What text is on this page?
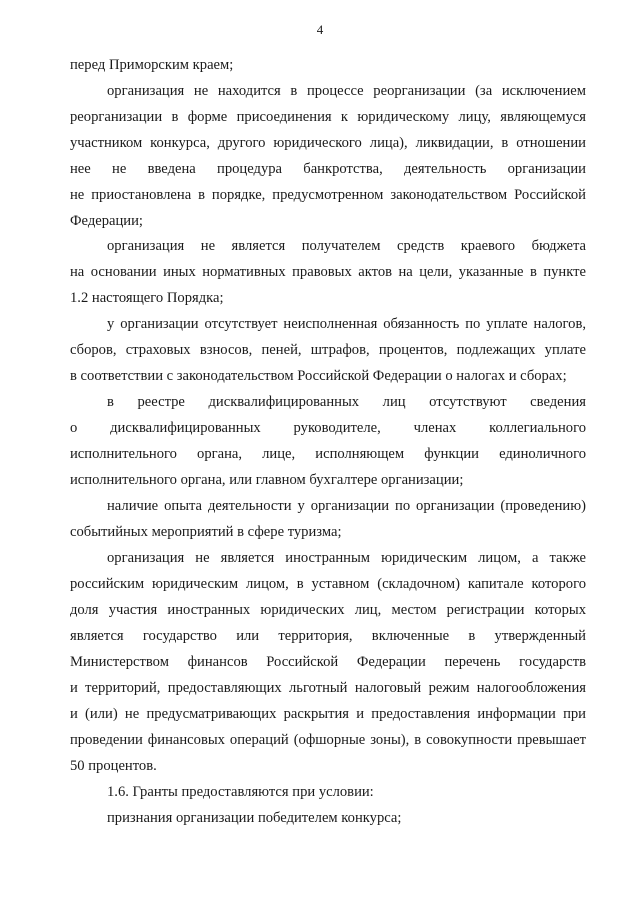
4
перед Приморским краем;
организация не находится в процессе реорганизации (за исключением
реорганизации в форме присоединения к юридическому лицу, являющемуся
участником конкурса, другого юридического лица), ликвидации, в отношении
нее не введена процедура банкротства, деятельность организации
не приостановлена в порядке, предусмотренном законодательством Российской
Федерации;
организация не является получателем средств краевого бюджета
на основании иных нормативных правовых актов на цели, указанные в пункте
1.2 настоящего Порядка;
у организации отсутствует неисполненная обязанность по уплате налогов,
сборов, страховых взносов, пеней, штрафов, процентов, подлежащих уплате
в соответствии с законодательством Российской Федерации о налогах и сборах;
в реестре дисквалифицированных лиц отсутствуют сведения
о дисквалифицированных руководителе, членах коллегиального
исполнительного органа, лице, исполняющем функции единоличного
исполнительного органа, или главном бухгалтере организации;
наличие опыта деятельности у организации по организации (проведению)
событийных мероприятий в сфере туризма;
организация не является иностранным юридическим лицом, а также
российским юридическим лицом, в уставном (складочном) капитале которого
доля участия иностранных юридических лиц, местом регистрации которых
является государство или территория, включенные в утвержденный
Министерством финансов Российской Федерации перечень государств
и территорий, предоставляющих льготный налоговый режим налогообложения
и (или) не предусматривающих раскрытия и предоставления информации при
проведении финансовых операций (офшорные зоны), в совокупности превышает
50 процентов.
1.6. Гранты предоставляются при условии:
признания организации победителем конкурса;
